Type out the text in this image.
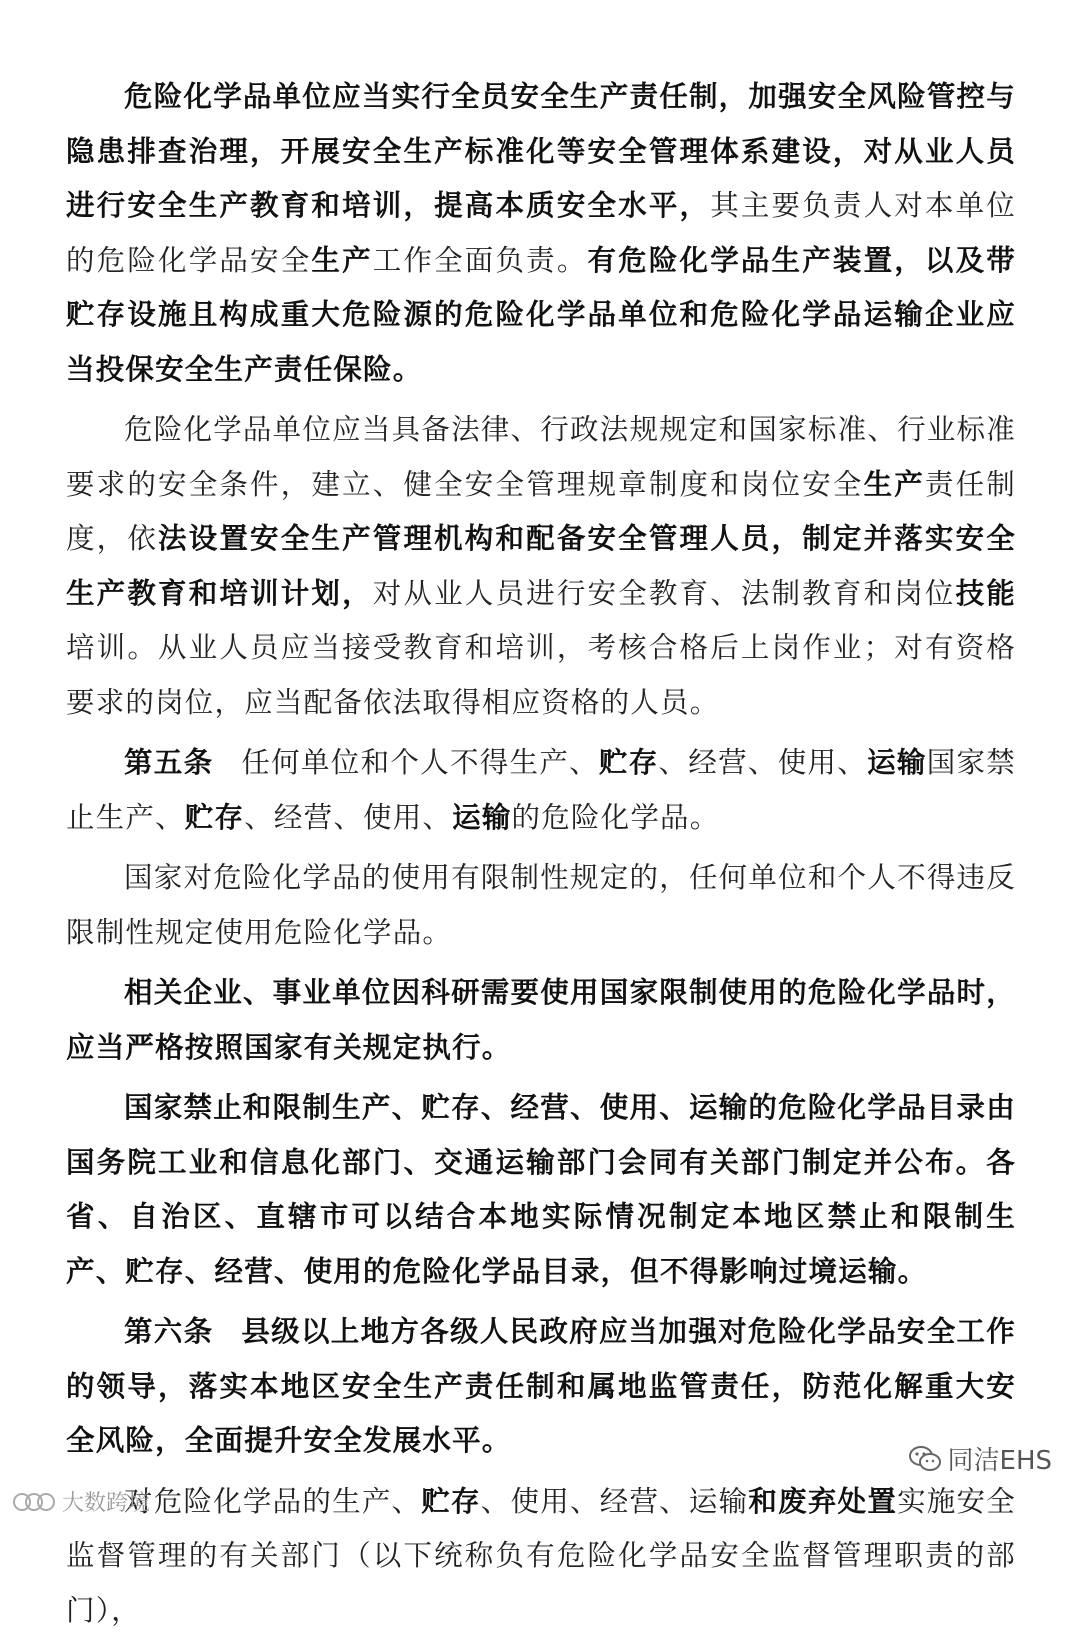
危险化学品单位应当实行全员安全生产责任制，加强安全风险管控与隐患排查治理，开展安全生产标准化等安全管理体系建设，对从业人员进行安全生产教育和培训，提高本质安全水平，其主要负责人对本单位的危险化学品安全生产工作全面负责。有危险化学品生产装置，以及带贮存设施且构成重大危险源的危险化学品单位和危险化学品运输企业应当投保安全生产责任保险。

危险化学品单位应当具备法律、行政法规规定和国家标准、行业标准要求的安全条件，建立、健全安全管理规章制度和岗位安全生产责任制度，依法设置安全生产管理机构和配备安全管理人员，制定并落实安全生产教育和培训计划，对从业人员进行安全教育、法制教育和岗位技能培训。从业人员应当接受教育和培训，考核合格后上岗作业；对有资格要求的岗位，应当配备依法取得相应资格的人员。

第五条 任何单位和个人不得生产、贮存、经营、使用、运输国家禁止生产、贮存、经营、使用、运输的危险化学品。

国家对危险化学品的使用有限制性规定的，任何单位和个人不得违反限制性规定使用危险化学品。

相关企业、事业单位因科研需要使用国家限制使用的危险化学品时，应当严格按照国家有关规定执行。

国家禁止和限制生产、贮存、经营、使用、运输的危险化学品目录由国务院工业和信息化部门、交通运输部门会同有关部门制定并公布。各省、自治区、直辖市可以结合本地实际情况制定本地区禁止和限制生产、贮存、经营、使用的危险化学品目录，但不得影响过境运输。

第六条 县级以上地方各级人民政府应当加强对危险化学品安全工作的领导，落实本地区安全生产责任制和属地监管责任，防范化解重大安全风险，全面提升安全发展水平。

对危险化学品的生产、贮存、使用、经营、运输和废弃处置实施安全监督管理的有关部门（以下统称负有危险化学品安全监督管理职责的部门），

同洁EHS
大数跨境
